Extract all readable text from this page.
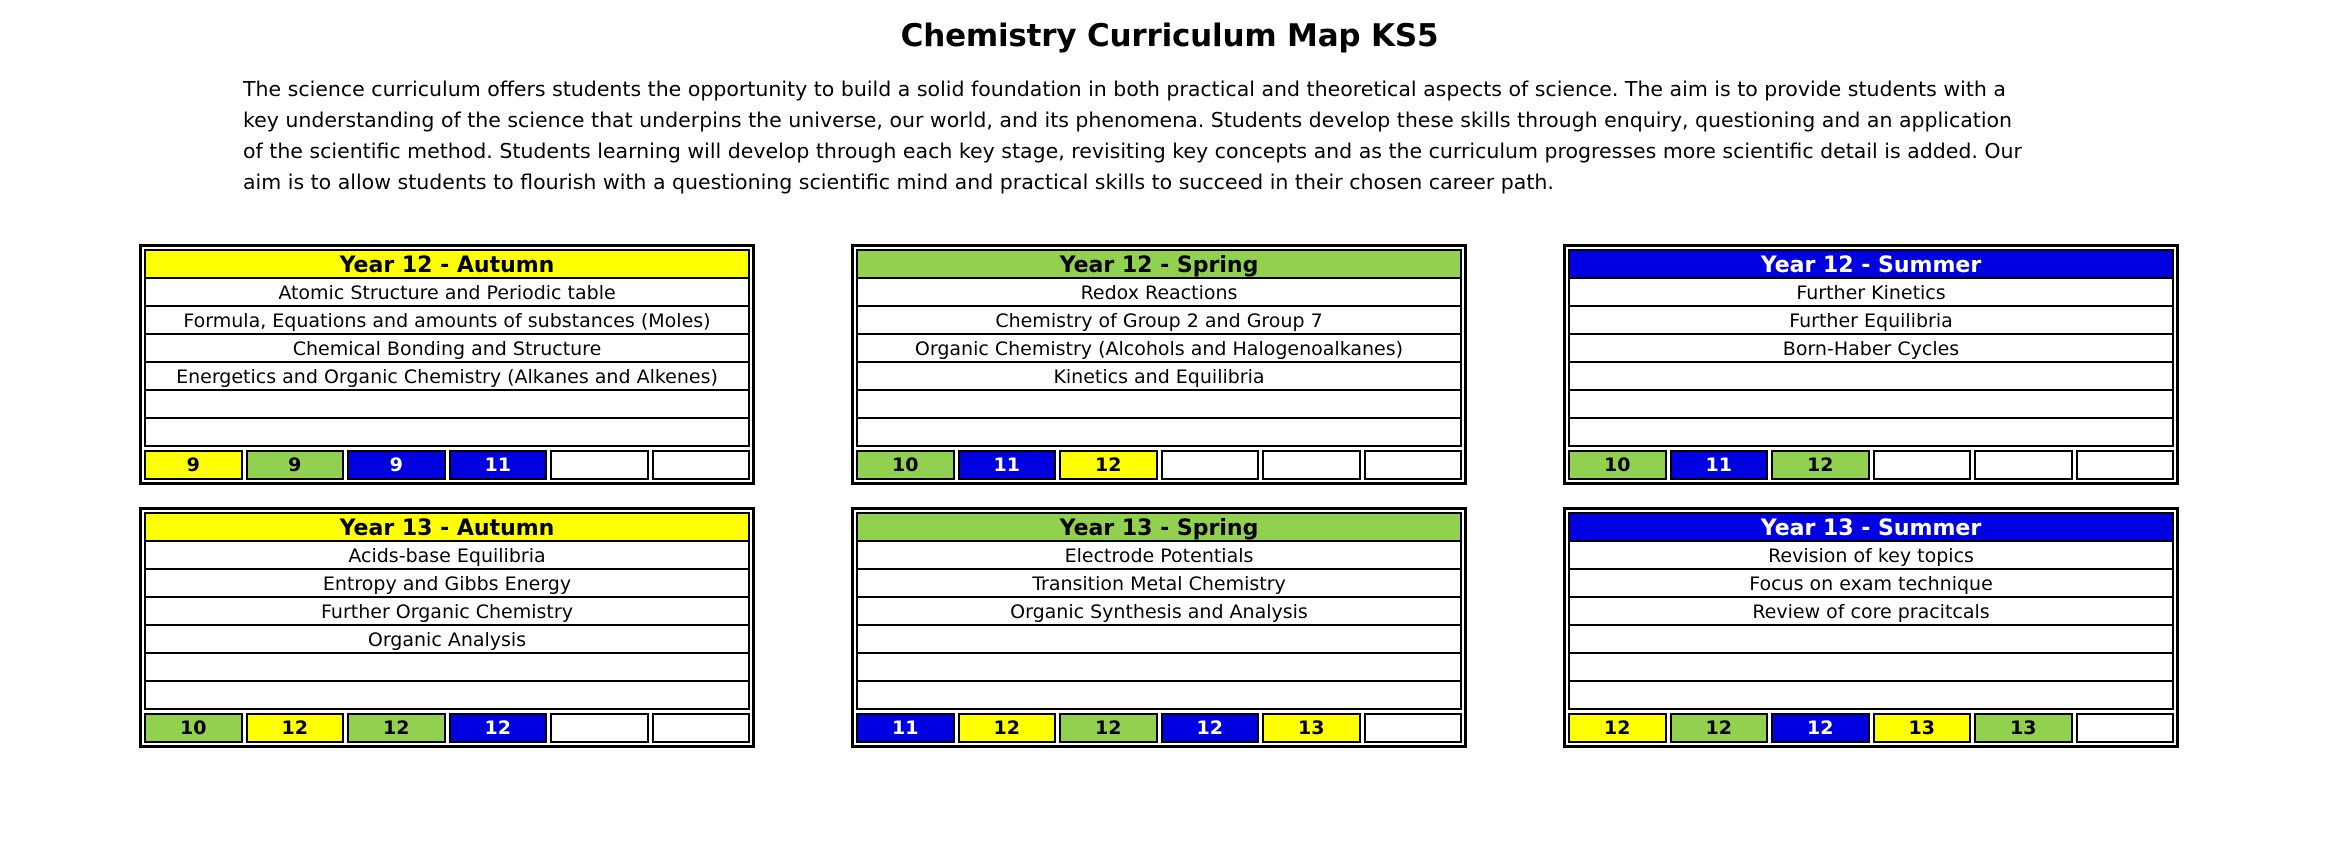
Chemistry Curriculum Map KS5

The science curriculum offers students the opportunity to build a solid foundation in both practical and theoretical aspects of science. The aim is to provide students with a key understanding of the science that underpins the universe, our world, and its phenomena. Students develop these skills through enquiry, questioning and an application of the scientific method. Students learning will develop through each key stage, revisiting key concepts and as the curriculum progresses more scientific detail is added. Our aim is to allow students to flourish with a questioning scientific mind and practical skills to succeed in their chosen career path.

Year 12 - Autumn
Atomic Structure and Periodic table
Formula, Equations and amounts of substances (Moles)
Chemical Bonding and Structure
Energetics and Organic Chemistry (Alkanes and Alkenes)

9	9	9	11
Year 12 - Spring
Redox Reactions
Chemistry of Group 2 and Group 7
Organic Chemistry (Alcohols and Halogenoalkanes)
Kinetics and Equilibria

10	11	12
Year 12 - Summer
Further Kinetics
Further Equilibria
Born-Haber Cycles

10	11	12
Year 13 - Autumn
Acids-base Equilibria
Entropy and Gibbs Energy
Further Organic Chemistry
Organic Analysis

10	12	12	12
Year 13 - Spring
Electrode Potentials
Transition Metal Chemistry
Organic Synthesis and Analysis

11	12	12	12	13
Year 13 - Summer
Revision of key topics
Focus on exam technique
Review of core pracitcals

12	12	12	13	13
